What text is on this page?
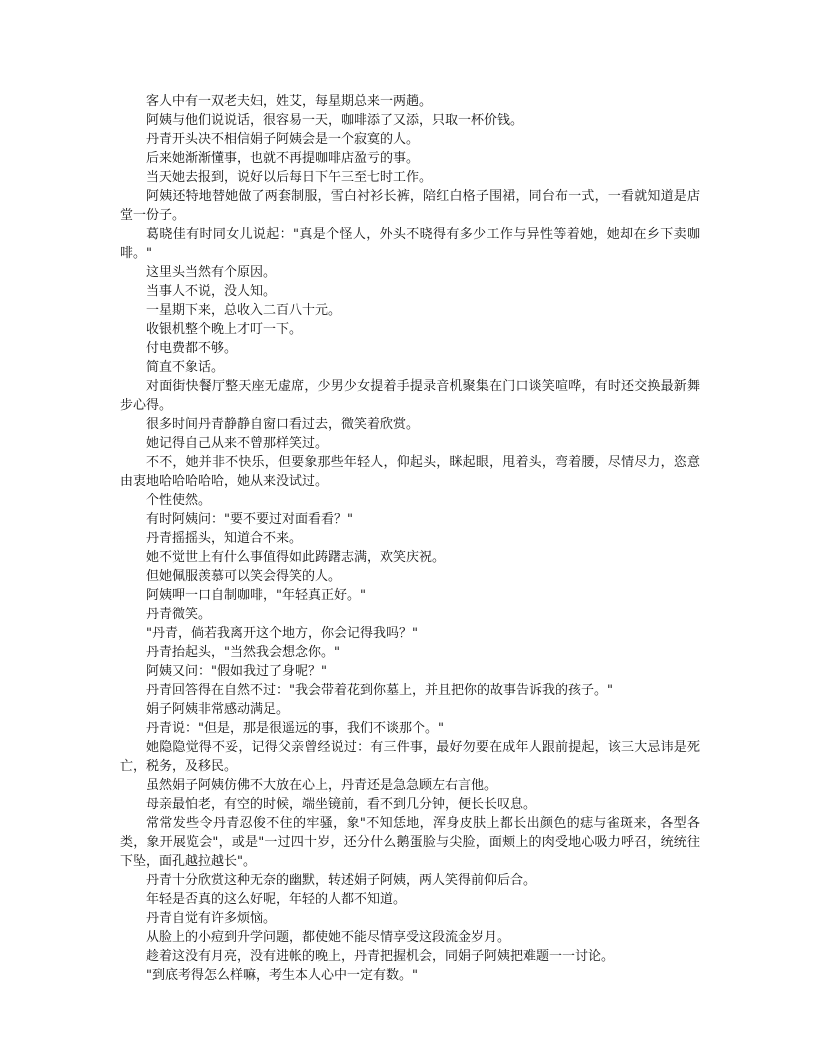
客人中有一双老夫妇，姓艾，每星期总来一两趟。

阿姨与他们说说话，很容易一天，咖啡添了又添，只取一杯价钱。

丹青开头决不相信娟子阿姨会是一个寂寞的人。

后来她渐渐懂事，也就不再提咖啡店盈亏的事。

当天她去报到，说好以后每日下午三至七时工作。

阿姨还特地替她做了两套制服，雪白衬衫长裤，陪红白格子围裙，同台布一式，一看就知道是店堂一份子。

葛晓佳有时同女儿说起："真是个怪人，外头不晓得有多少工作与异性等着她，她却在乡下卖咖啡。"

这里头当然有个原因。

当事人不说，没人知。

一星期下来，总收入二百八十元。

收银机整个晚上才叮一下。

付电费都不够。

简直不象话。

对面街快餐厅整天座无虚席，少男少女提着手提录音机聚集在门口谈笑喧哗，有时还交换最新舞步心得。

很多时间丹青静静自窗口看过去，微笑着欣赏。

她记得自己从来不曾那样笑过。

不不，她并非不快乐，但要象那些年轻人，仰起头，眯起眼，甩着头，弯着腰，尽情尽力，恣意由衷地哈哈哈哈哈，她从来没试过。

个性使然。

有时阿姨问："要不要过对面看看？"

丹青摇摇头，知道合不来。

她不觉世上有什么事值得如此踌躇志满，欢笑庆祝。

但她佩服羡慕可以笑会得笑的人。

阿姨呷一口自制咖啡，"年轻真正好。"

丹青微笑。

"丹青，倘若我离开这个地方，你会记得我吗？"

丹青抬起头，"当然我会想念你。"

阿姨又问："假如我过了身呢？"

丹青回答得在自然不过："我会带着花到你墓上，并且把你的故事告诉我的孩子。"

娟子阿姨非常感动满足。

丹青说："但是，那是很遥远的事，我们不谈那个。"

她隐隐觉得不妥，记得父亲曾经说过：有三件事，最好勿要在成年人跟前提起，该三大忌讳是死亡，税务，及移民。

虽然娟子阿姨仿佛不大放在心上，丹青还是急急顾左右言他。

母亲最怕老，有空的时候，端坐镜前，看不到几分钟，便长长叹息。

常常发些令丹青忍俊不住的牢骚，象"不知恁地，浑身皮肤上都长出颜色的痣与雀斑来，各型各类，象开展览会"，或是"一过四十岁，还分什么鹅蛋脸与尖脸，面颊上的肉受地心吸力呼召，统统往下坠，面孔越拉越长"。

丹青十分欣赏这种无奈的幽默，转述娟子阿姨，两人笑得前仰后合。

年轻是否真的这么好呢，年轻的人都不知道。

丹青自觉有许多烦恼。

从脸上的小痘到升学问题，都使她不能尽情享受这段流金岁月。

趁着这没有月亮，没有进帐的晚上，丹青把握机会，同娟子阿姨把难题一一讨论。

"到底考得怎么样嘛，考生本人心中一定有数。"
